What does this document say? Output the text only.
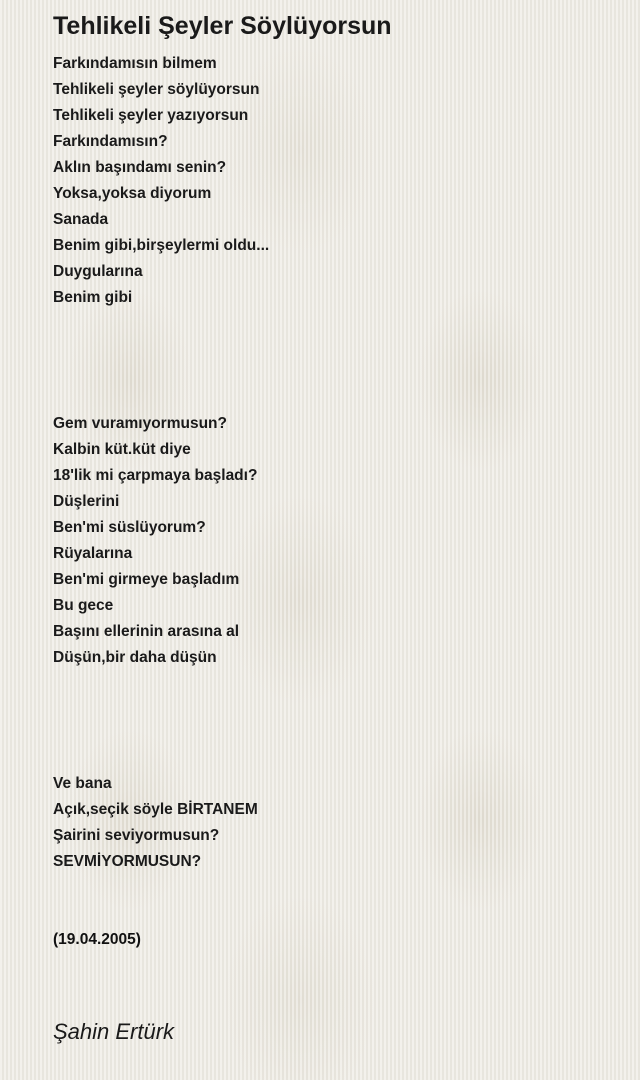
Tehlikeli Şeyler Söylüyorsun
Farkındamısın bilmem
Tehlikeli şeyler söylüyorsun
Tehlikeli şeyler yazıyorsun
Farkındamısın?
Aklın başındamı senin?
Yoksa,yoksa diyorum
Sanada
Benim gibi,birşeylermi oldu...
Duygularına
Benim gibi
Gem vuramıyormusun?
Kalbin küt.küt diye
18'lik mi çarpmaya başladı?
Düşlerini
Ben'mi süslüyorum?
Rüyalarına
Ben'mi girmeye başladım
Bu gece
Başını ellerinin arasına al
Düşün,bir daha düşün
Ve bana
Açık,seçik söyle BİRTANEM
Şairini seviyormusun?
SEVMİYORMUSUN?
(19.04.2005)
Şahin Ertürk
